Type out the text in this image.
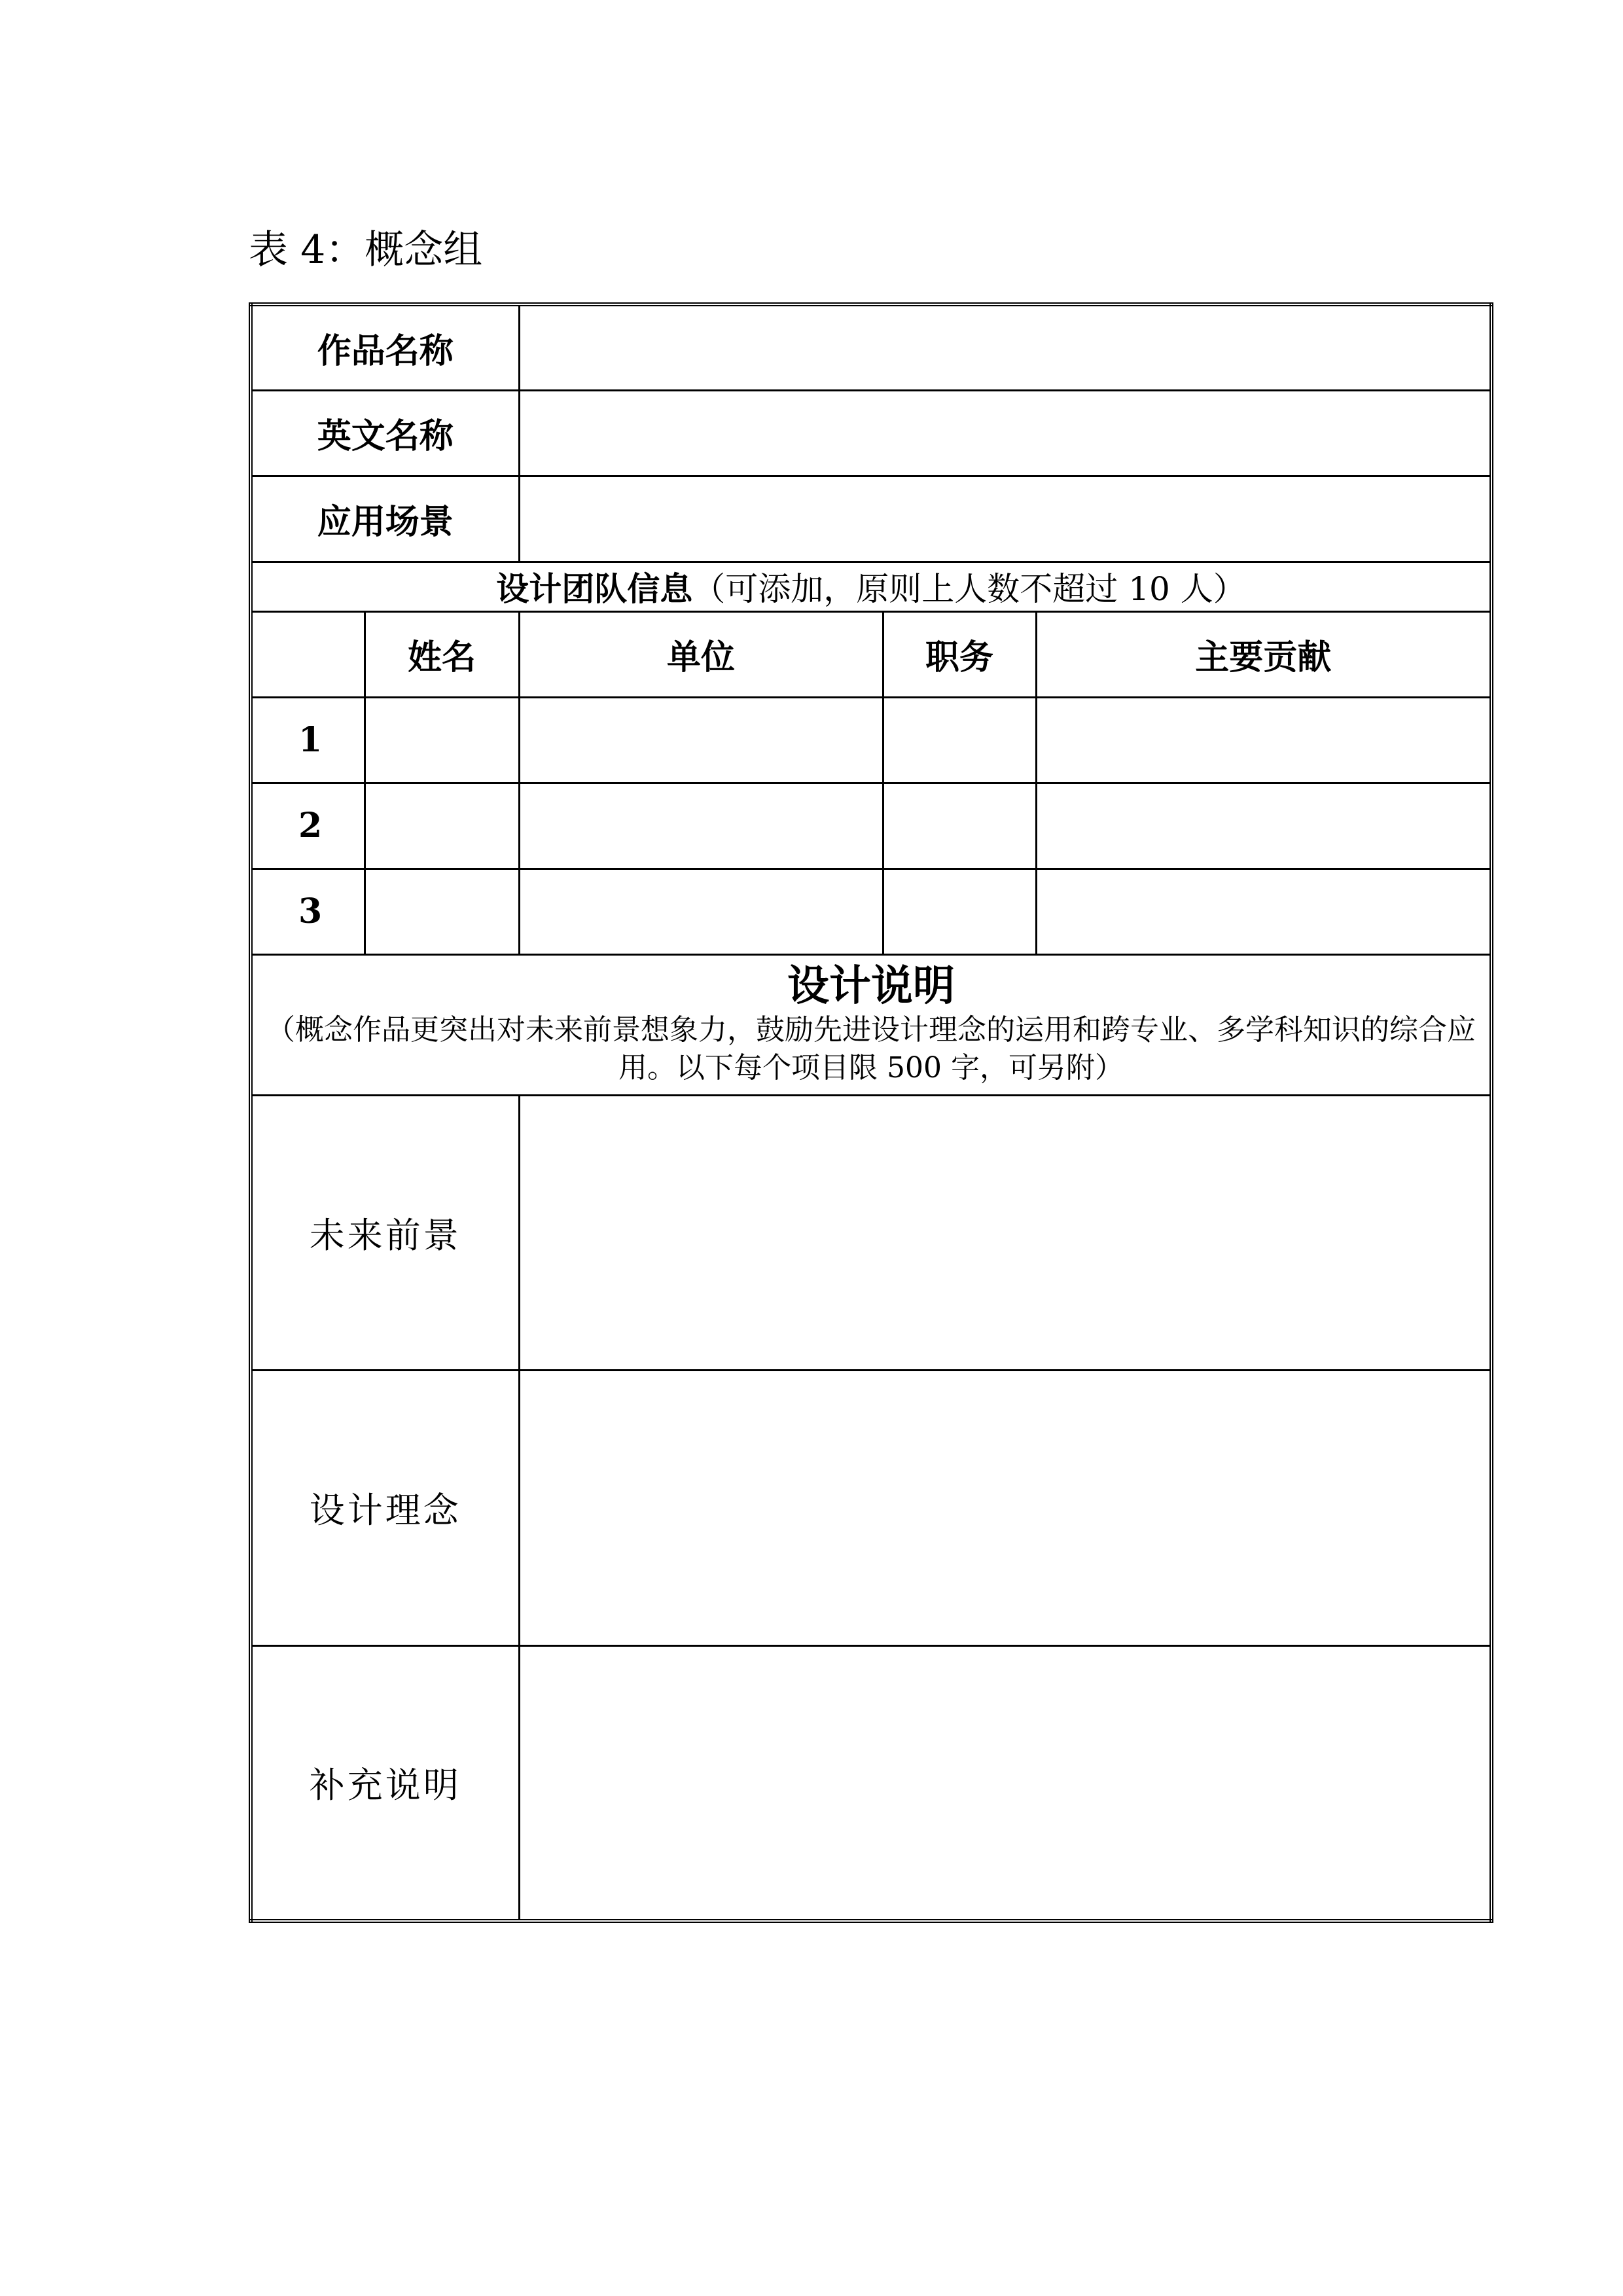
表 4：概念组
作品名称				
英文名称				
应用场景				
设计团队信息（可添加，原则上人数不超过 10 人）				
	姓名	单位	职务	主要贡献
1				
2				
3				

设计说明
（概念作品更突出对未来前景想象力，鼓励先进设计理念的运用和跨专业、多学科知识的综合应用。以下每个项目限 500 字，可另附）				

未来前景				
设计理念				
补充说明				
